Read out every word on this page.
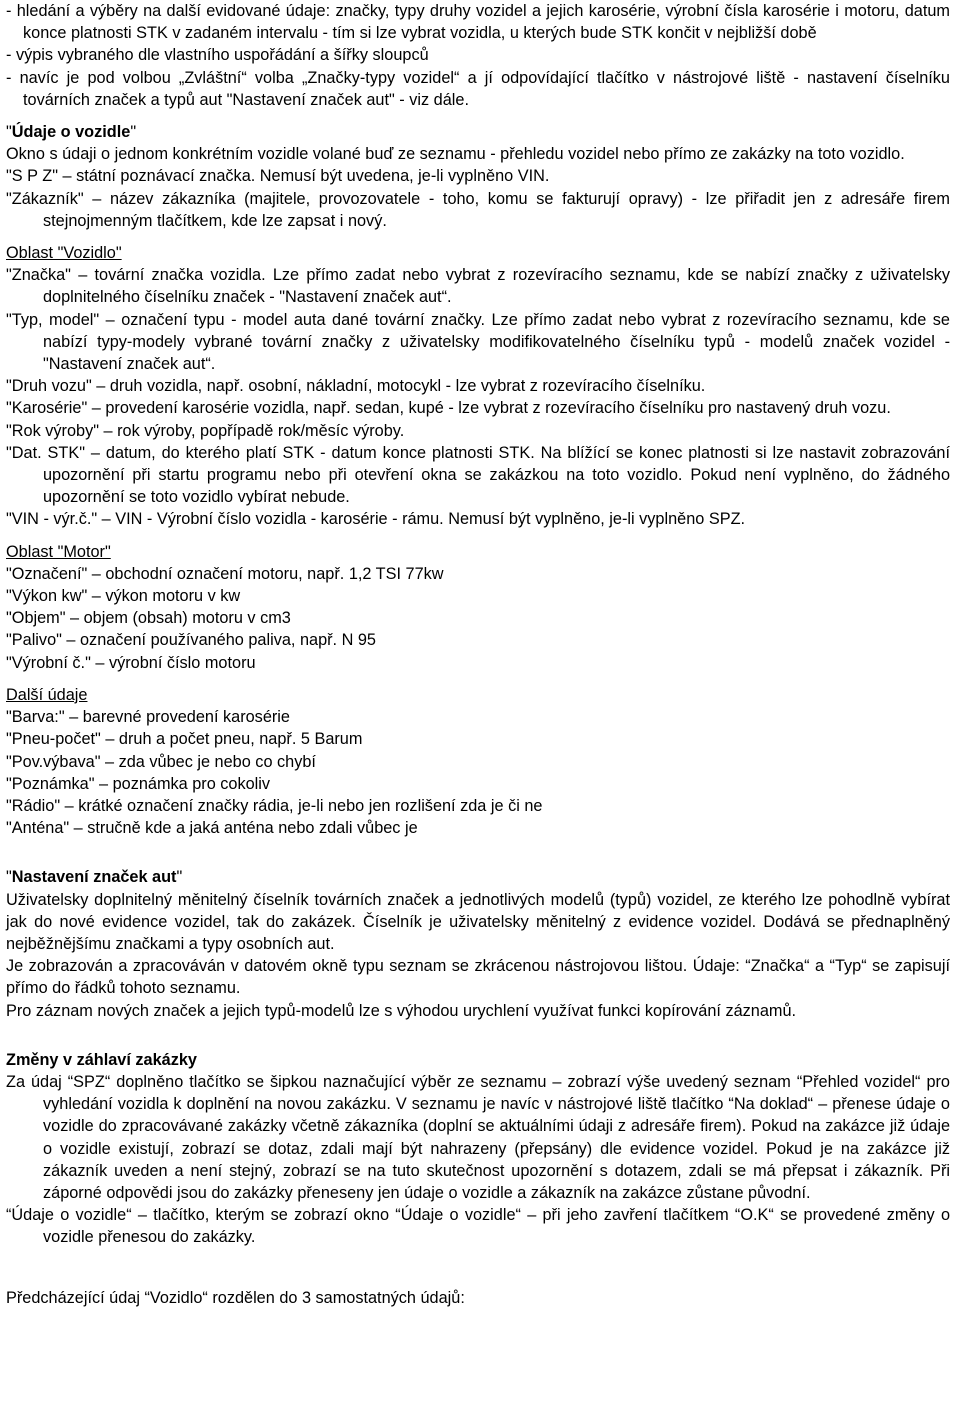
- hledání a výběry na další evidované údaje: značky, typy druhy vozidel a jejich karosérie, výrobní čísla karosérie i motoru, datum konce platnosti STK v zadaném intervalu - tím si lze vybrat vozidla, u kterých bude STK končit v nejbližší době

- výpis vybraného dle vlastního uspořádání a šířky sloupců

- navíc je pod volbou „Zvláštní“ volba „Značky-typy vozidel“ a jí odpovídající tlačítko v nástrojové liště - nastavení číselníku továrních značek a typů aut "Nastavení značek aut" - viz dále.

"Údaje o vozidle"

Okno s údaji o jednom konkrétním vozidle volané buď ze seznamu - přehledu vozidel nebo přímo ze zakázky na toto vozidlo.

"S P Z" – státní poznávací značka. Nemusí být uvedena, je-li vyplněno VIN.

"Zákazník" – název zákazníka (majitele, provozovatele - toho, komu se fakturují opravy) - lze přiřadit jen z adresáře firem stejnojmenným tlačítkem, kde lze zapsat i nový.

Oblast "Vozidlo"

"Značka" – tovární značka vozidla. Lze přímo zadat nebo vybrat z rozevíracího seznamu, kde se nabízí značky z uživatelsky doplnitelného číselníku značek - "Nastavení značek aut“.

"Typ, model" – označení typu - model auta dané tovární značky. Lze přímo zadat nebo vybrat z rozevíracího seznamu, kde se nabízí typy-modely vybrané tovární značky z uživatelsky modifikovatelného číselníku typů - modelů značek vozidel - "Nastavení značek aut“.

"Druh vozu" – druh vozidla, např. osobní, nákladní, motocykl - lze vybrat z rozevíracího číselníku.

"Karosérie" – provedení karosérie vozidla, např. sedan, kupé - lze vybrat z rozevíracího číselníku pro nastavený druh vozu.

"Rok výroby" – rok výroby, popřípadě rok/měsíc výroby.

"Dat. STK" – datum, do kterého platí STK - datum konce platnosti STK. Na blížící se konec platnosti si lze nastavit zobrazování upozornění při startu programu nebo při otevření okna se zakázkou na toto vozidlo. Pokud není vyplněno, do žádného upozornění se toto vozidlo vybírat nebude.

"VIN - výr.č." – VIN - Výrobní číslo vozidla - karosérie - rámu. Nemusí být vyplněno, je-li vyplněno SPZ.

Oblast "Motor"

"Označení" – obchodní označení motoru, např. 1,2 TSI 77kw

"Výkon kw" – výkon motoru v kw

"Objem" – objem (obsah) motoru v cm3

"Palivo" – označení používaného paliva, např. N 95

"Výrobní č." – výrobní číslo motoru

Další údaje

"Barva:" – barevné provedení karosérie

"Pneu-počet" – druh a počet pneu, např. 5 Barum

"Pov.výbava" – zda vůbec je nebo co chybí

"Poznámka" – poznámka pro cokoliv

"Rádio" – krátké označení značky rádia, je-li nebo jen rozlišení zda je či ne

"Anténa" – stručně kde a jaká anténa nebo zdali vůbec je

"Nastavení značek aut"

Uživatelsky doplnitelný měnitelný číselník továrních značek a jednotlivých modelů (typů) vozidel, ze kterého lze pohodlně vybírat jak do nové evidence vozidel, tak do zakázek. Číselník je uživatelsky měnitelný z evidence vozidel. Dodává se přednaplněný nejběžnějšímu značkami a typy osobních aut.

Je zobrazován a zpracováván v datovém okně typu seznam se zkrácenou nástrojovou lištou. Údaje: “Značka“ a “Typ“ se zapisují přímo do řádků tohoto seznamu.

Pro záznam nových značek a jejich typů-modelů lze s výhodou urychlení využívat funkci kopírování záznamů.

Změny v záhlaví zakázky

Za údaj “SPZ“ doplněno tlačítko se šipkou naznačující výběr ze seznamu – zobrazí výše uvedený seznam “Přehled vozidel“ pro vyhledání vozidla k doplnění na novou zakázku. V seznamu je navíc v nástrojové liště tlačítko “Na doklad“ – přenese údaje o vozidle do zpracovávané zakázky včetně zákazníka (doplní se aktuálními údaji z adresáře firem). Pokud na zakázce již údaje o vozidle existují, zobrazí se dotaz, zdali mají být nahrazeny (přepsány) dle evidence vozidel. Pokud je na zakázce již zákazník uveden a není stejný, zobrazí se na tuto skutečnost upozornění s dotazem, zdali se má přepsat i zákazník. Při záporné odpovědi jsou do zakázky přeneseny jen údaje o vozidle a zákazník na zakázce zůstane původní.

“Údaje o vozidle“ – tlačítko, kterým se zobrazí okno “Údaje o vozidle“ – při jeho zavření tlačítkem “O.K“ se provedené změny o vozidle přenesou do zakázky.

Předcházející údaj “Vozidlo“ rozdělen do 3 samostatných údajů:
